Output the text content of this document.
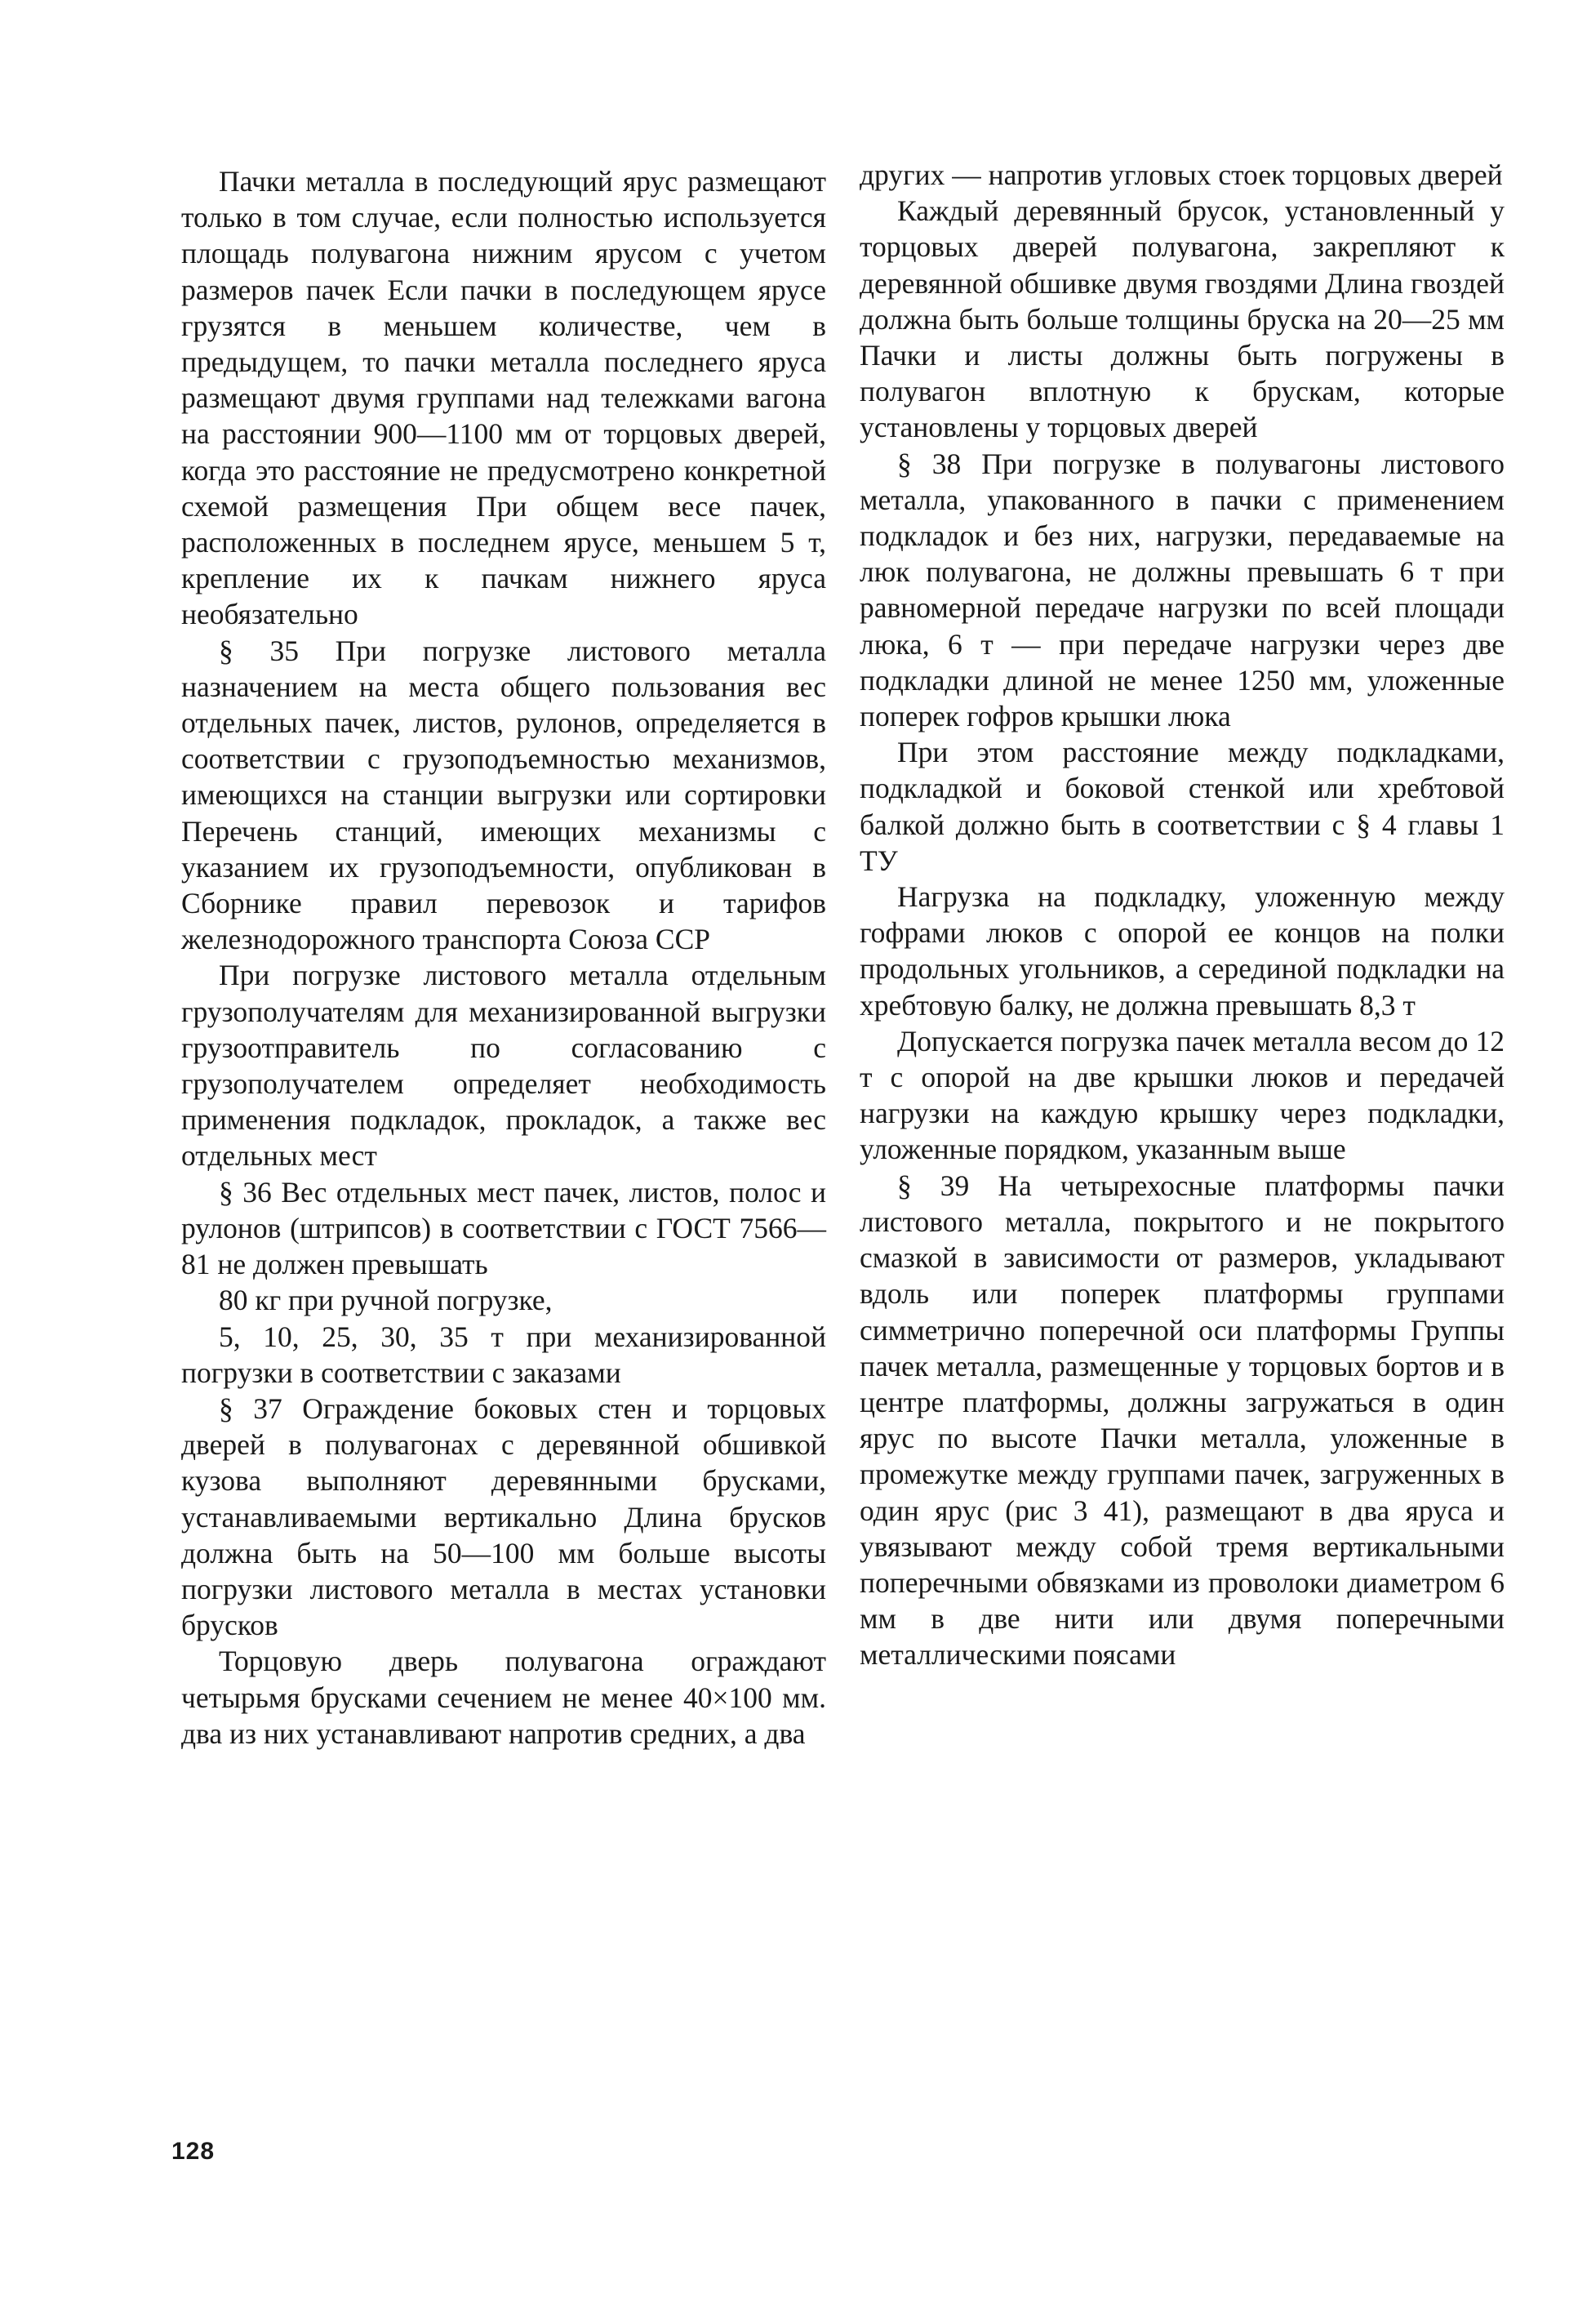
Пачки металла в последующий ярус размещают только в том случае, если полностью используется площадь полувагона нижним ярусом с учетом размеров пачек Если пачки в последующем ярусе грузятся в меньшем количестве, чем в предыдущем, то пачки металла последнего яруса размещают двумя группами над тележками вагона на расстоянии 900—1100 мм от торцовых дверей, когда это расстояние не предусмотрено конкретной схемой размещения При общем весе пачек, расположенных в последнем ярусе, меньшем 5 т, крепление их к пачкам нижнего яруса необязательно

§ 35 При погрузке листового металла назначением на места общего пользования вес отдельных пачек, листов, рулонов, определяется в соответствии с грузоподъемностью механизмов, имеющихся на станции выгрузки или сортировки Перечень станций, имеющих механизмы с указанием их грузоподъемности, опубликован в Сборнике правил перевозок и тарифов железнодорожного транспорта Союза ССР

При погрузке листового металла отдельным грузополучателям для механизированной выгрузки грузоотправитель по согласованию с грузополучателем определяет необходимость применения подкладок, прокладок, а также вес отдельных мест

§ 36 Вес отдельных мест пачек, листов, полос и рулонов (штрипсов) в соответствии с ГОСТ 7566—81 не должен превышать

80 кг при ручной погрузке,

5, 10, 25, 30, 35 т при механизированной погрузки в соответствии с заказами

§ 37 Ограждение боковых стен и торцовых дверей в полувагонах с деревянной обшивкой кузова выполняют деревянными брусками, устанавливаемыми вертикально Длина брусков должна быть на 50—100 мм больше высоты погрузки листового металла в местах установки брусков

Торцовую дверь полувагона ограждают четырьмя брусками сечением не менее 40×100 мм. два из них устанавливают напротив средних, а два

других — напротив угловых стоек торцовых дверей

Каждый деревянный брусок, установленный у торцовых дверей полувагона, закрепляют к деревянной обшивке двумя гвоздями Длина гвоздей должна быть больше толщины бруска на 20—25 мм Пачки и листы должны быть погружены в полувагон вплотную к брускам, которые установлены у торцовых дверей

§ 38 При погрузке в полувагоны листового металла, упакованного в пачки с применением подкладок и без них, нагрузки, передаваемые на люк полувагона, не должны превышать 6 т при равномерной передаче нагрузки по всей площади люка, 6 т — при передаче нагрузки через две подкладки длиной не менее 1250 мм, уложенные поперек гофров крышки люка

При этом расстояние между подкладками, подкладкой и боковой стенкой или хребтовой балкой должно быть в соответствии с § 4 главы 1 ТУ

Нагрузка на подкладку, уложенную между гофрами люков с опорой ее концов на полки продольных угольников, а серединой подкладки на хребтовую балку, не должна превышать 8,3 т

Допускается погрузка пачек металла весом до 12 т с опорой на две крышки люков и передачей нагрузки на каждую крышку через подкладки, уложенные порядком, указанным выше

§ 39 На четырехосные платформы пачки листового металла, покрытого и не покрытого смазкой в зависимости от размеров, укладывают вдоль или поперек платформы группами симметрично поперечной оси платформы Группы пачек металла, размещенные у торцовых бортов и в центре платформы, должны загружаться в один ярус по высоте Пачки металла, уложенные в промежутке между группами пачек, загруженных в один ярус (рис 3 41), размещают в два яруса и увязывают между собой тремя вертикальными поперечными обвязками из проволоки диаметром 6 мм в две нити или двумя поперечными металлическими поясами

128
